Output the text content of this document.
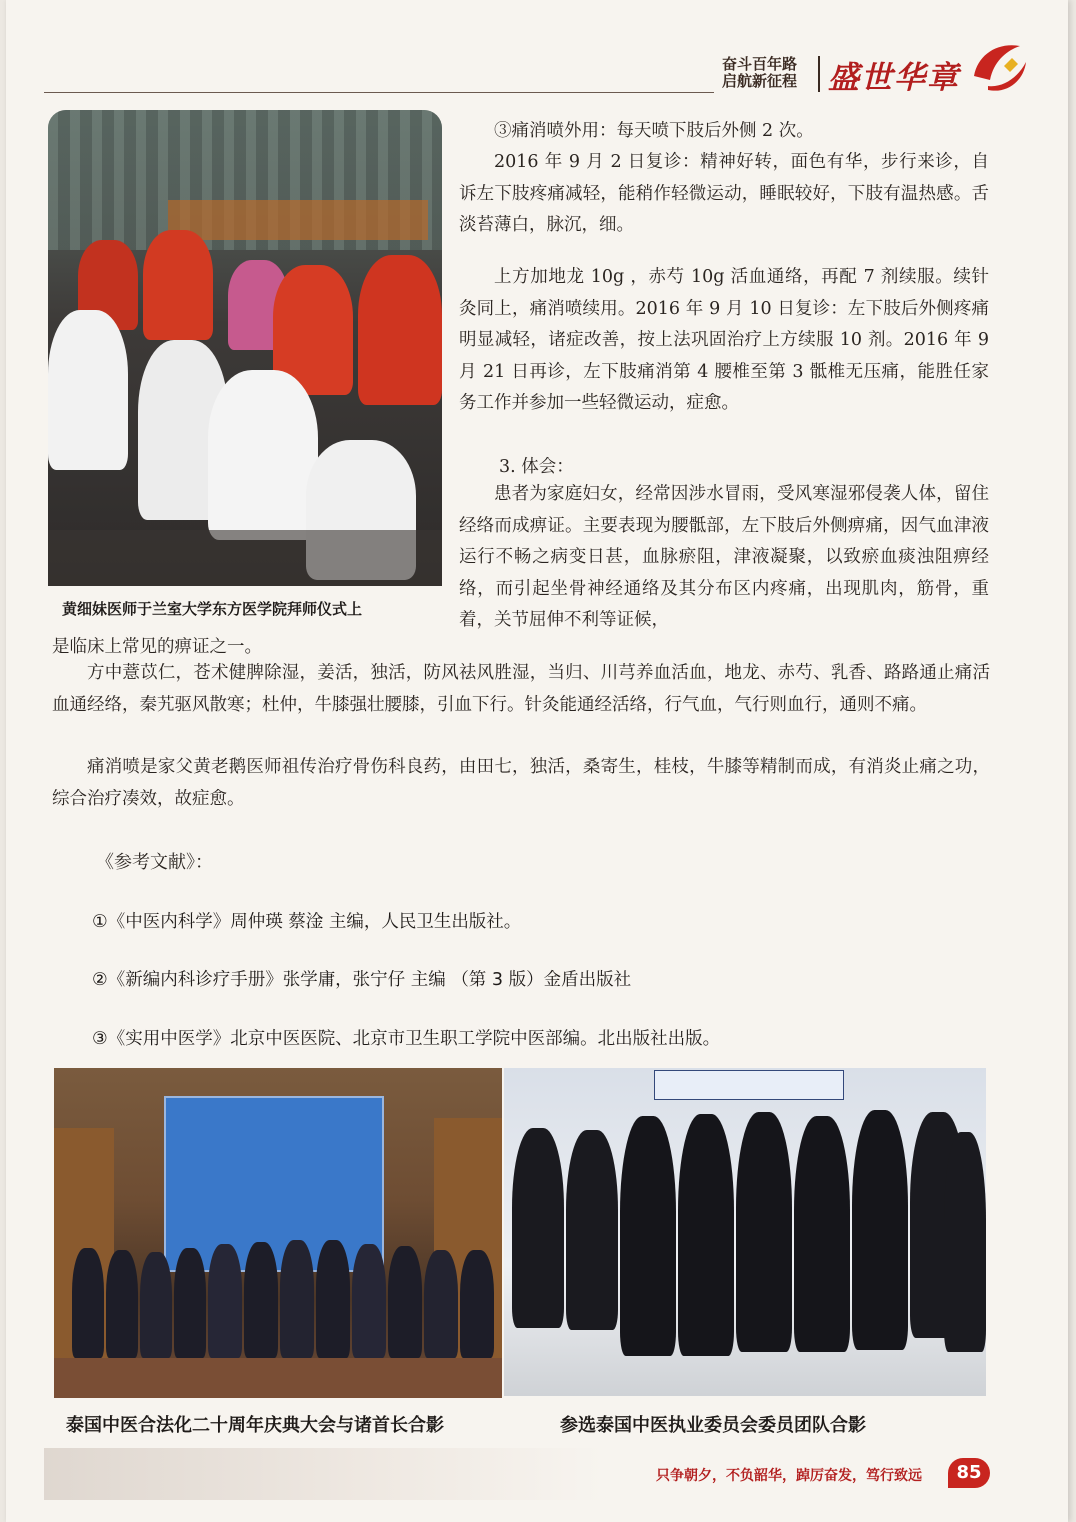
奋斗百年路
启航新征程 盛世华章
黄细妹医师于兰室大学东方医学院拜师仪式上

③痛消喷外用：每天喷下肢后外侧 2 次。

2016 年 9 月 2 日复诊：精神好转，面色有华，步行来诊，自诉左下肢疼痛减轻，能稍作轻微运动，睡眠较好，下肢有温热感。舌淡苔薄白，脉沉，细。

上方加地龙 10g ，赤芍 10g 活血通络，再配 7 剂续服。续针灸同上，痛消喷续用。2016 年 9 月 10 日复诊：左下肢后外侧疼痛明显减轻，诸症改善，按上法巩固治疗上方续服 10 剂。2016 年 9 月 21 日再诊，左下肢痛消第 4 腰椎至第 3 骶椎无压痛，能胜任家务工作并参加一些轻微运动，症愈。

3. 体会：

患者为家庭妇女，经常因涉水冒雨，受风寒湿邪侵袭人体，留住经络而成痹证。主要表现为腰骶部，左下肢后外侧痹痛，因气血津液运行不畅之病变日甚，血脉瘀阻，津液凝聚，以致瘀血痰浊阻痹经络，而引起坐骨神经通络及其分布区内疼痛，出现肌肉，筋骨，重着，关节屈伸不利等证候，

是临床上常见的痹证之一。

方中薏苡仁，苍术健脾除湿，姜活，独活，防风祛风胜湿，当归、川芎养血活血，地龙、赤芍、乳香、路路通止痛活血通经络，秦艽驱风散寒；杜仲，牛膝强壮腰膝，引血下行。针灸能通经活络，行气血，气行则血行，通则不痛。

痛消喷是家父黄老鹅医师祖传治疗骨伤科良药，由田七，独活，桑寄生，桂枝，牛膝等精制而成，有消炎止痛之功，综合治疗凑效，故症愈。

《参考文献》：
①《中医内科学》周仲瑛 蔡淦 主编，人民卫生出版社。
②《新编内科诊疗手册》张学庸，张宁仔 主编 （第 3 版）金盾出版社
③《实用中医学》北京中医医院、北京市卫生职工学院中医部编。北出版社出版。
泰国中医合法化二十周年庆典大会与诸首长合影	参选泰国中医执业委员会委员团队合影
只争朝夕，不负韶华，踔厉奋发，笃行致远	85
